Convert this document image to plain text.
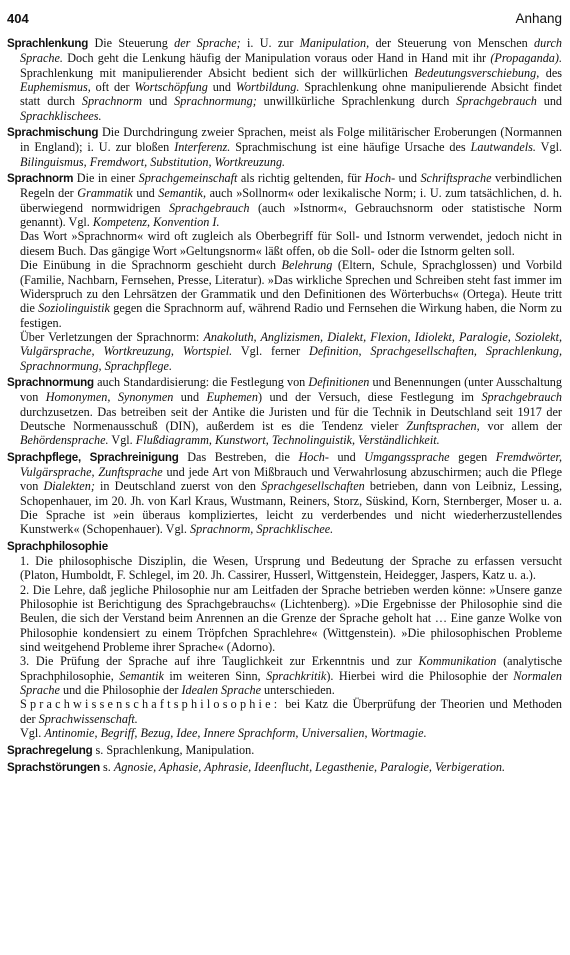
404	Anhang

Sprachlenkung Die Steuerung der Sprache; i. U. zur Manipulation, der Steuerung von Menschen durch Sprache. Doch geht die Lenkung häufig der Manipulation voraus oder Hand in Hand mit ihr (Propaganda). Sprachlenkung mit manipulierender Absicht bedient sich der willkürlichen Bedeutungsverschiebung, des Euphemismus, oft der Wortschöpfung und Wortbildung. Sprachlenkung ohne manipulierende Absicht findet statt durch Sprachnorm und Sprachnormung; unwillkürliche Sprachlenkung durch Sprachgebrauch und Sprachklischees.

Sprachmischung Die Durchdringung zweier Sprachen, meist als Folge militärischer Eroberungen (Normannen in England); i. U. zur bloßen Interferenz. Sprachmischung ist eine häufige Ursache des Lautwandels. Vgl. Bilinguismus, Fremdwort, Substitution, Wortkreuzung.

Sprachnorm Die in einer Sprachgemeinschaft als richtig geltenden, für Hoch- und Schriftsprache verbindlichen Regeln der Grammatik und Semantik, auch »Sollnorm« oder lexikalische Norm; i. U. zum tatsächlichen, d. h. überwiegend normwidrigen Sprachgebrauch (auch »Istnorm«, Gebrauchsnorm oder statistische Norm genannt). Vgl. Kompetenz, Konvention I.

Das Wort »Sprachnorm« wird oft zugleich als Oberbegriff für Soll- und Istnorm verwendet, jedoch nicht in diesem Buch. Das gängige Wort »Geltungsnorm« läßt offen, ob die Soll- oder die Istnorm gelten soll.

Die Einübung in die Sprachnorm geschieht durch Belehrung (Eltern, Schule, Sprachglossen) und Vorbild (Familie, Nachbarn, Fernsehen, Presse, Literatur). »Das wirkliche Sprechen und Schreiben steht fast immer im Widerspruch zu den Lehrsätzen der Grammatik und den Definitionen des Wörterbuchs« (Ortega). Heute tritt die Soziolinguistik gegen die Sprachnorm auf, während Radio und Fernsehen die Wirkung haben, die Norm zu festigen.

Über Verletzungen der Sprachnorm: Anakoluth, Anglizismen, Dialekt, Flexion, Idiolekt, Paralogie, Soziolekt, Vulgärsprache, Wortkreuzung, Wortspiel. Vgl. ferner Definition, Sprachgesellschaften, Sprachlenkung, Sprachnormung, Sprachpflege.

Sprachnormung auch Standardisierung: die Festlegung von Definitionen und Benennungen (unter Ausschaltung von Homonymen, Synonymen und Euphemen) und der Versuch, diese Festlegung im Sprachgebrauch durchzusetzen. Das betreiben seit der Antike die Juristen und für die Technik in Deutschland seit 1917 der Deutsche Normenausschuß (DIN), außerdem ist es die Tendenz vieler Zunftsprachen, vor allem der Behördensprache. Vgl. Flußdiagramm, Kunstwort, Technolinguistik, Verständlichkeit.

Sprachpflege, Sprachreinigung Das Bestreben, die Hoch- und Umgangssprache gegen Fremdwörter, Vulgärsprache, Zunftsprache und jede Art von Mißbrauch und Verwahrlosung abzuschirmen; auch die Pflege von Dialekten; in Deutschland zuerst von den Sprachgesellschaften betrieben, dann von Leibniz, Lessing, Schopenhauer, im 20. Jh. von Karl Kraus, Wustmann, Reiners, Storz, Süskind, Korn, Sternberger, Moser u. a. Die Sprache ist »ein überaus kompliziertes, leicht zu verderbendes und nicht wiederherzustellendes Kunstwerk« (Schopenhauer). Vgl. Sprachnorm, Sprachklischee.

Sprachphilosophie

1. Die philosophische Disziplin, die Wesen, Ursprung und Bedeutung der Sprache zu erfassen versucht (Platon, Humboldt, F. Schlegel, im 20. Jh. Cassirer, Husserl, Wittgenstein, Heidegger, Jaspers, Katz u. a.).

2. Die Lehre, daß jegliche Philosophie nur am Leitfaden der Sprache betrieben werden könne: »Unsere ganze Philosophie ist Berichtigung des Sprachgebrauchs« (Lichtenberg). »Die Ergebnisse der Philosophie sind die Beulen, die sich der Verstand beim Anrennen an die Grenze der Sprache geholt hat … Eine ganze Wolke von Philosophie kondensiert zu einem Tröpfchen Sprachlehre« (Wittgenstein). »Die philosophischen Probleme sind weitgehend Probleme ihrer Sprache« (Adorno).

3. Die Prüfung der Sprache auf ihre Tauglichkeit zur Erkenntnis und zur Kommunikation (analytische Sprachphilosophie, Semantik im weiteren Sinn, Sprachkritik). Hierbei wird die Philosophie der Normalen Sprache und die Philosophie der Idealen Sprache unterschieden.

Sprachwissenschaftsphilosophie: bei Katz die Überprüfung der Theorien und Methoden der Sprachwissenschaft.

Vgl. Antinomie, Begriff, Bezug, Idee, Innere Sprachform, Universalien, Wortmagie.

Sprachregelung s. Sprachlenkung, Manipulation.

Sprachstörungen s. Agnosie, Aphasie, Aphrasie, Ideenflucht, Legasthenie, Paralogie, Verbigeration.
